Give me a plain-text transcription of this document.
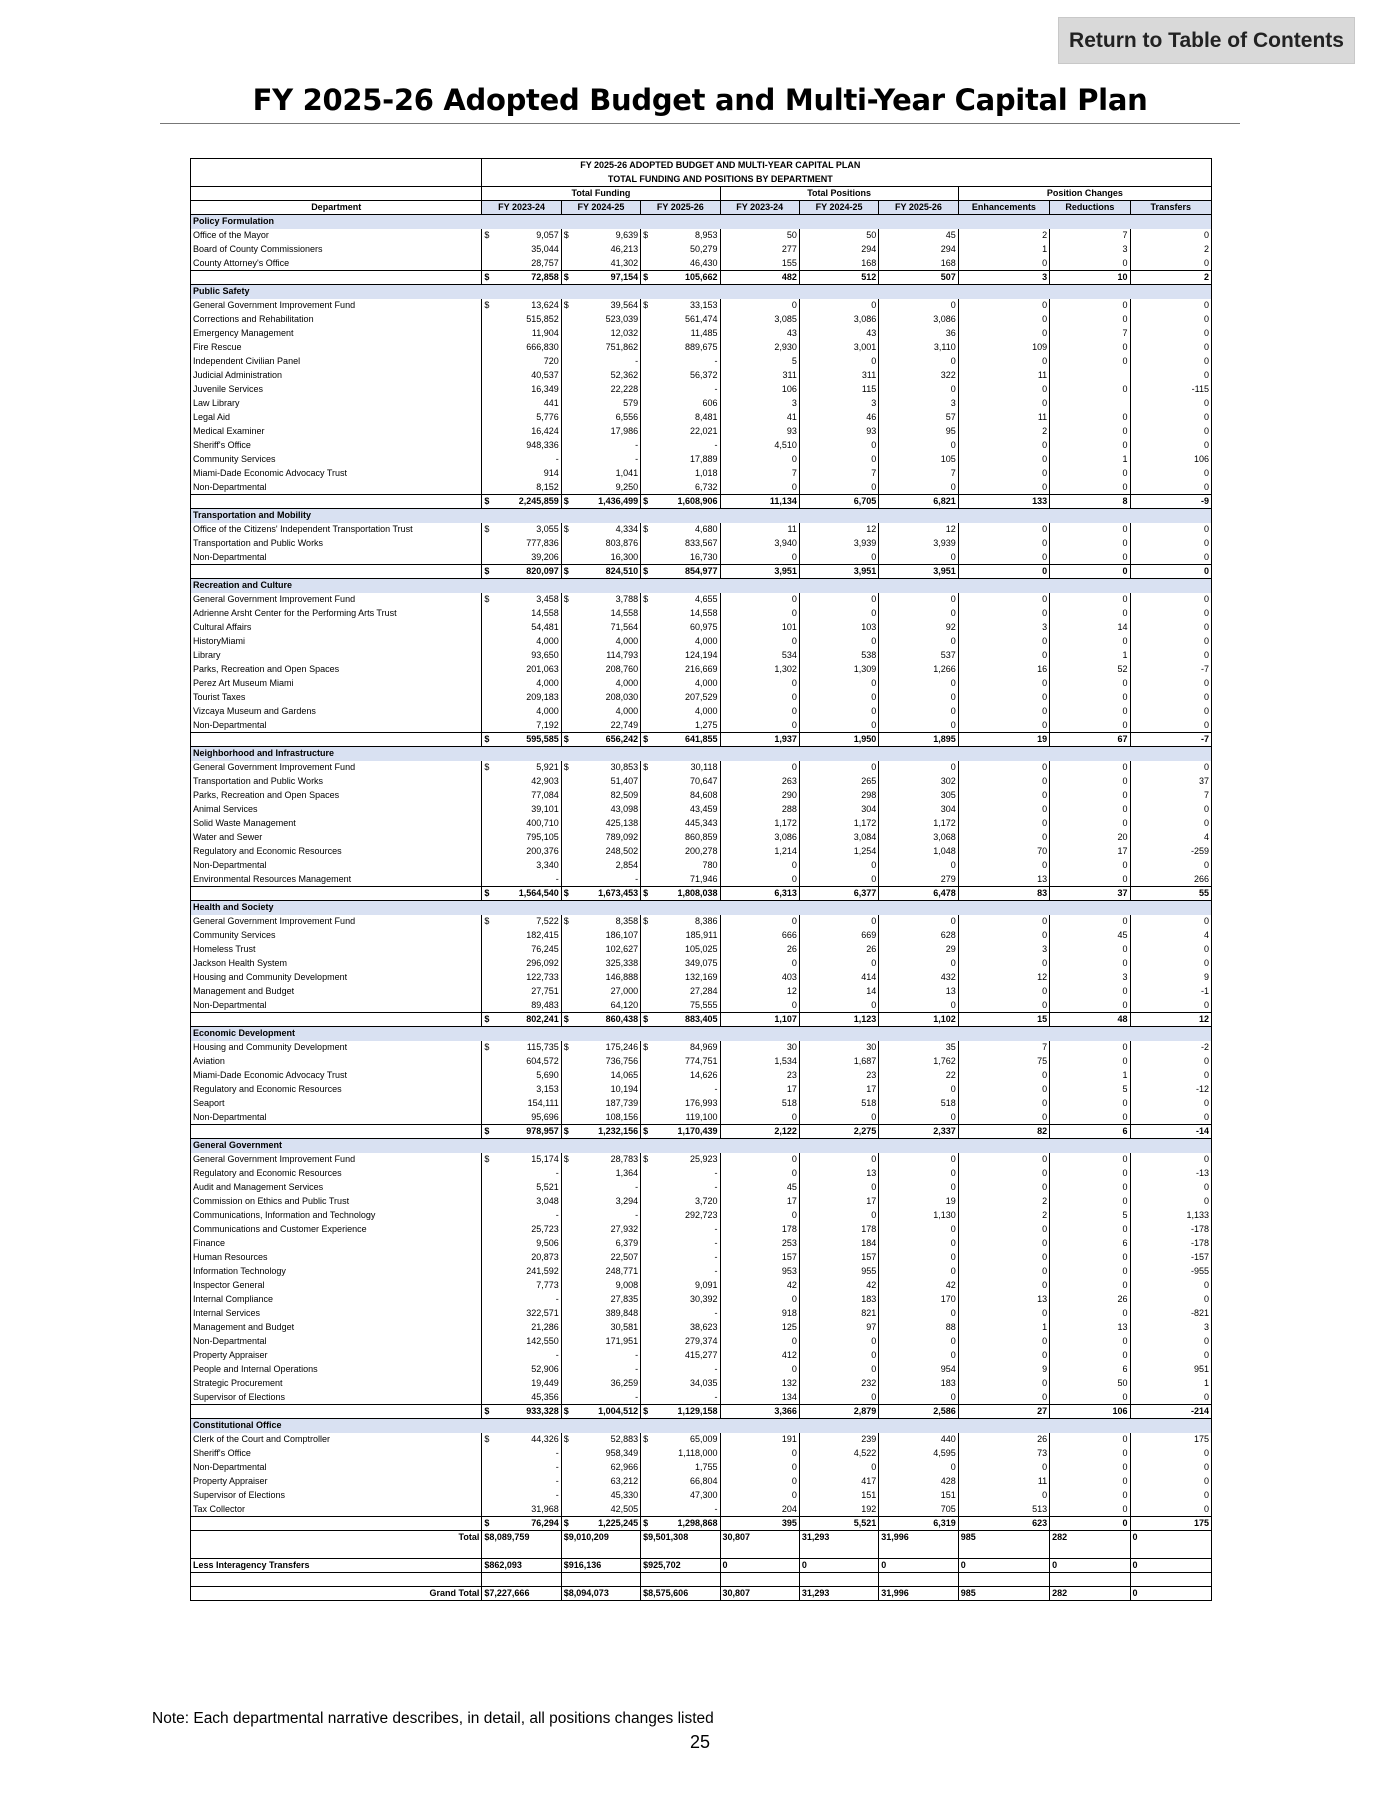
Return to Table of Contents
FY 2025-26 Adopted Budget and Multi-Year Capital Plan
	FY 2025-26 ADOPTED BUDGET AND MULTI-YEAR CAPITAL PLAN								
	TOTAL FUNDING AND POSITIONS BY DEPARTMENT								
	Total Funding			Total Positions			Position Changes		
Department	FY 2023-24	FY 2024-25	FY 2025-26	FY 2023-24	FY 2024-25	FY 2025-26	Enhancements	Reductions	Transfers
Policy Formulation									
Office of the Mayor	$ 9,057	$ 9,639	$ 8,953	50	50	45	2	7	0
Board of County Commissioners	35,044	46,213	50,279	277	294	294	1	3	2
County Attorney's Office	28,757	41,302	46,430	155	168	168	0	0	0

	$ 72,858	$ 97,154	$ 105,662	482	512	507	3	10	2
Public Safety									
General Government Improvement Fund	$ 13,624	$ 39,564	$ 33,153	0	0	0	0	0	0
Corrections and Rehabilitation	515,852	523,039	561,474	3,085	3,086	3,086	0	0	0
Emergency Management	11,904	12,032	11,485	43	43	36	0	7	0
Fire Rescue	666,830	751,862	889,675	2,930	3,001	3,110	109	0	0
Independent Civilian Panel	720	-	-	5	0	0	0	0	0
Judicial Administration	40,537	52,362	56,372	311	311	322	11		0
Juvenile Services	16,349	22,228	-	106	115	0	0	0	-115
Law Library	441	579	606	3	3	3	0		0
Legal Aid	5,776	6,556	8,481	41	46	57	11	0	0
Medical Examiner	16,424	17,986	22,021	93	93	95	2	0	0
Sheriff's Office	948,336	-	-	4,510	0	0	0	0	0
Community Services	-	-	17,889	0	0	105	0	1	106
Miami-Dade Economic Advocacy Trust	914	1,041	1,018	7	7	7	0	0	0
Non-Departmental	8,152	9,250	6,732	0	0	0	0	0	0

	$ 2,245,859	$ 1,436,499	$ 1,608,906	11,134	6,705	6,821	133	8	-9
Transportation and Mobility									
Office of the Citizens' Independent Transportation Trust	$ 3,055	$ 4,334	$ 4,680	11	12	12	0	0	0
Transportation and Public Works	777,836	803,876	833,567	3,940	3,939	3,939	0	0	0
Non-Departmental	39,206	16,300	16,730	0	0	0	0	0	0

	$ 820,097	$ 824,510	$ 854,977	3,951	3,951	3,951	0	0	0
Recreation and Culture									
General Government Improvement Fund	$ 3,458	$ 3,788	$ 4,655	0	0	0	0	0	0
Adrienne Arsht Center for the Performing Arts Trust	14,558	14,558	14,558	0	0	0	0	0	0
Cultural Affairs	54,481	71,564	60,975	101	103	92	3	14	0
HistoryMiami	4,000	4,000	4,000	0	0	0	0	0	0
Library	93,650	114,793	124,194	534	538	537	0	1	0
Parks, Recreation and Open Spaces	201,063	208,760	216,669	1,302	1,309	1,266	16	52	-7
Perez Art Museum Miami	4,000	4,000	4,000	0	0	0	0	0	0
Tourist Taxes	209,183	208,030	207,529	0	0	0	0	0	0
Vizcaya Museum and Gardens	4,000	4,000	4,000	0	0	0	0	0	0
Non-Departmental	7,192	22,749	1,275	0	0	0	0	0	0

	$ 595,585	$ 656,242	$ 641,855	1,937	1,950	1,895	19	67	-7
Neighborhood and Infrastructure									
General Government Improvement Fund	$ 5,921	$ 30,853	$ 30,118	0	0	0	0	0	0
Transportation and Public Works	42,903	51,407	70,647	263	265	302	0	0	37
Parks, Recreation and Open Spaces	77,084	82,509	84,608	290	298	305	0	0	7
Animal Services	39,101	43,098	43,459	288	304	304	0	0	0
Solid Waste Management	400,710	425,138	445,343	1,172	1,172	1,172	0	0	0
Water and Sewer	795,105	789,092	860,859	3,086	3,084	3,068	0	20	4
Regulatory and Economic Resources	200,376	248,502	200,278	1,214	1,254	1,048	70	17	-259
Non-Departmental	3,340	2,854	780	0	0	0	0	0	0
Environmental Resources Management	-	-	71,946	0	0	279	13	0	266

	$ 1,564,540	$ 1,673,453	$ 1,808,038	6,313	6,377	6,478	83	37	55
Health and Society									
General Government Improvement Fund	$ 7,522	$ 8,358	$ 8,386	0	0	0	0	0	0
Community Services	182,415	186,107	185,911	666	669	628	0	45	4
Homeless Trust	76,245	102,627	105,025	26	26	29	3	0	0
Jackson Health System	296,092	325,338	349,075	0	0	0	0	0	0
Housing and Community Development	122,733	146,888	132,169	403	414	432	12	3	9
Management and Budget	27,751	27,000	27,284	12	14	13	0	0	-1
Non-Departmental	89,483	64,120	75,555	0	0	0	0	0	0

	$ 802,241	$ 860,438	$ 883,405	1,107	1,123	1,102	15	48	12
Economic Development									
Housing and Community Development	$ 115,735	$ 175,246	$ 84,969	30	30	35	7	0	-2
Aviation	604,572	736,756	774,751	1,534	1,687	1,762	75	0	0
Miami-Dade Economic Advocacy Trust	5,690	14,065	14,626	23	23	22	0	1	0
Regulatory and Economic Resources	3,153	10,194	-	17	17	0	0	5	-12
Seaport	154,111	187,739	176,993	518	518	518	0	0	0
Non-Departmental	95,696	108,156	119,100	0	0	0	0	0	0

	$ 978,957	$ 1,232,156	$ 1,170,439	2,122	2,275	2,337	82	6	-14
General Government									
General Government Improvement Fund	$ 15,174	$ 28,783	$ 25,923	0	0	0	0	0	0
Regulatory and Economic Resources	-	1,364	-	0	13	0	0	0	-13
Audit and Management Services	5,521	-	-	45	0	0	0	0	0
Commission on Ethics and Public Trust	3,048	3,294	3,720	17	17	19	2	0	0
Communications, Information and Technology	-	-	292,723	0	0	1,130	2	5	1,133
Communications and Customer Experience	25,723	27,932	-	178	178	0	0	0	-178
Finance	9,506	6,379	-	253	184	0	0	6	-178
Human Resources	20,873	22,507	-	157	157	0	0	0	-157
Information Technology	241,592	248,771	-	953	955	0	0	0	-955
Inspector General	7,773	9,008	9,091	42	42	42	0	0	0
Internal Compliance	-	27,835	30,392	0	183	170	13	26	0
Internal Services	322,571	389,848	-	918	821	0	0	0	-821
Management and Budget	21,286	30,581	38,623	125	97	88	1	13	3
Non-Departmental	142,550	171,951	279,374	0	0	0	0	0	0
Property Appraiser	-	-	415,277	412	0	0	0	0	0
People and Internal Operations	52,906	-	-	0	0	954	9	6	951
Strategic Procurement	19,449	36,259	34,035	132	232	183	0	50	1
Supervisor of Elections	45,356	-	-	134	0	0	0	0	0

	$ 933,328	$ 1,004,512	$ 1,129,158	3,366	2,879	2,586	27	106	-214
Constitutional Office									
Clerk of the Court and Comptroller	$ 44,326	$ 52,883	$ 65,009	191	239	440	26	0	175
Sheriff's Office	-	958,349	1,118,000	0	4,522	4,595	73	0	0
Non-Departmental	-	62,966	1,755	0	0	0	0	0	0
Property Appraiser	-	63,212	66,804	0	417	428	11	0	0
Supervisor of Elections	-	45,330	47,300	0	151	151	0	0	0
Tax Collector	31,968	42,505	-	204	192	705	513	0	0

	$ 76,294	$ 1,225,245	$ 1,298,868	395	5,521	6,319	623	0	175
Total	$ 8,089,759	$ 9,010,209	$ 9,501,308	30,807	31,293	31,996	985	282	0

Less Interagency Transfers	$ 862,093	$ 916,136	$ 925,702	0	0	0	0	0	0

Grand Total	$ 7,227,666	$ 8,094,073	$ 8,575,606	30,807	31,293	31,996	985	282	0
Note: Each departmental narrative describes, in detail, all positions changes listed
25
